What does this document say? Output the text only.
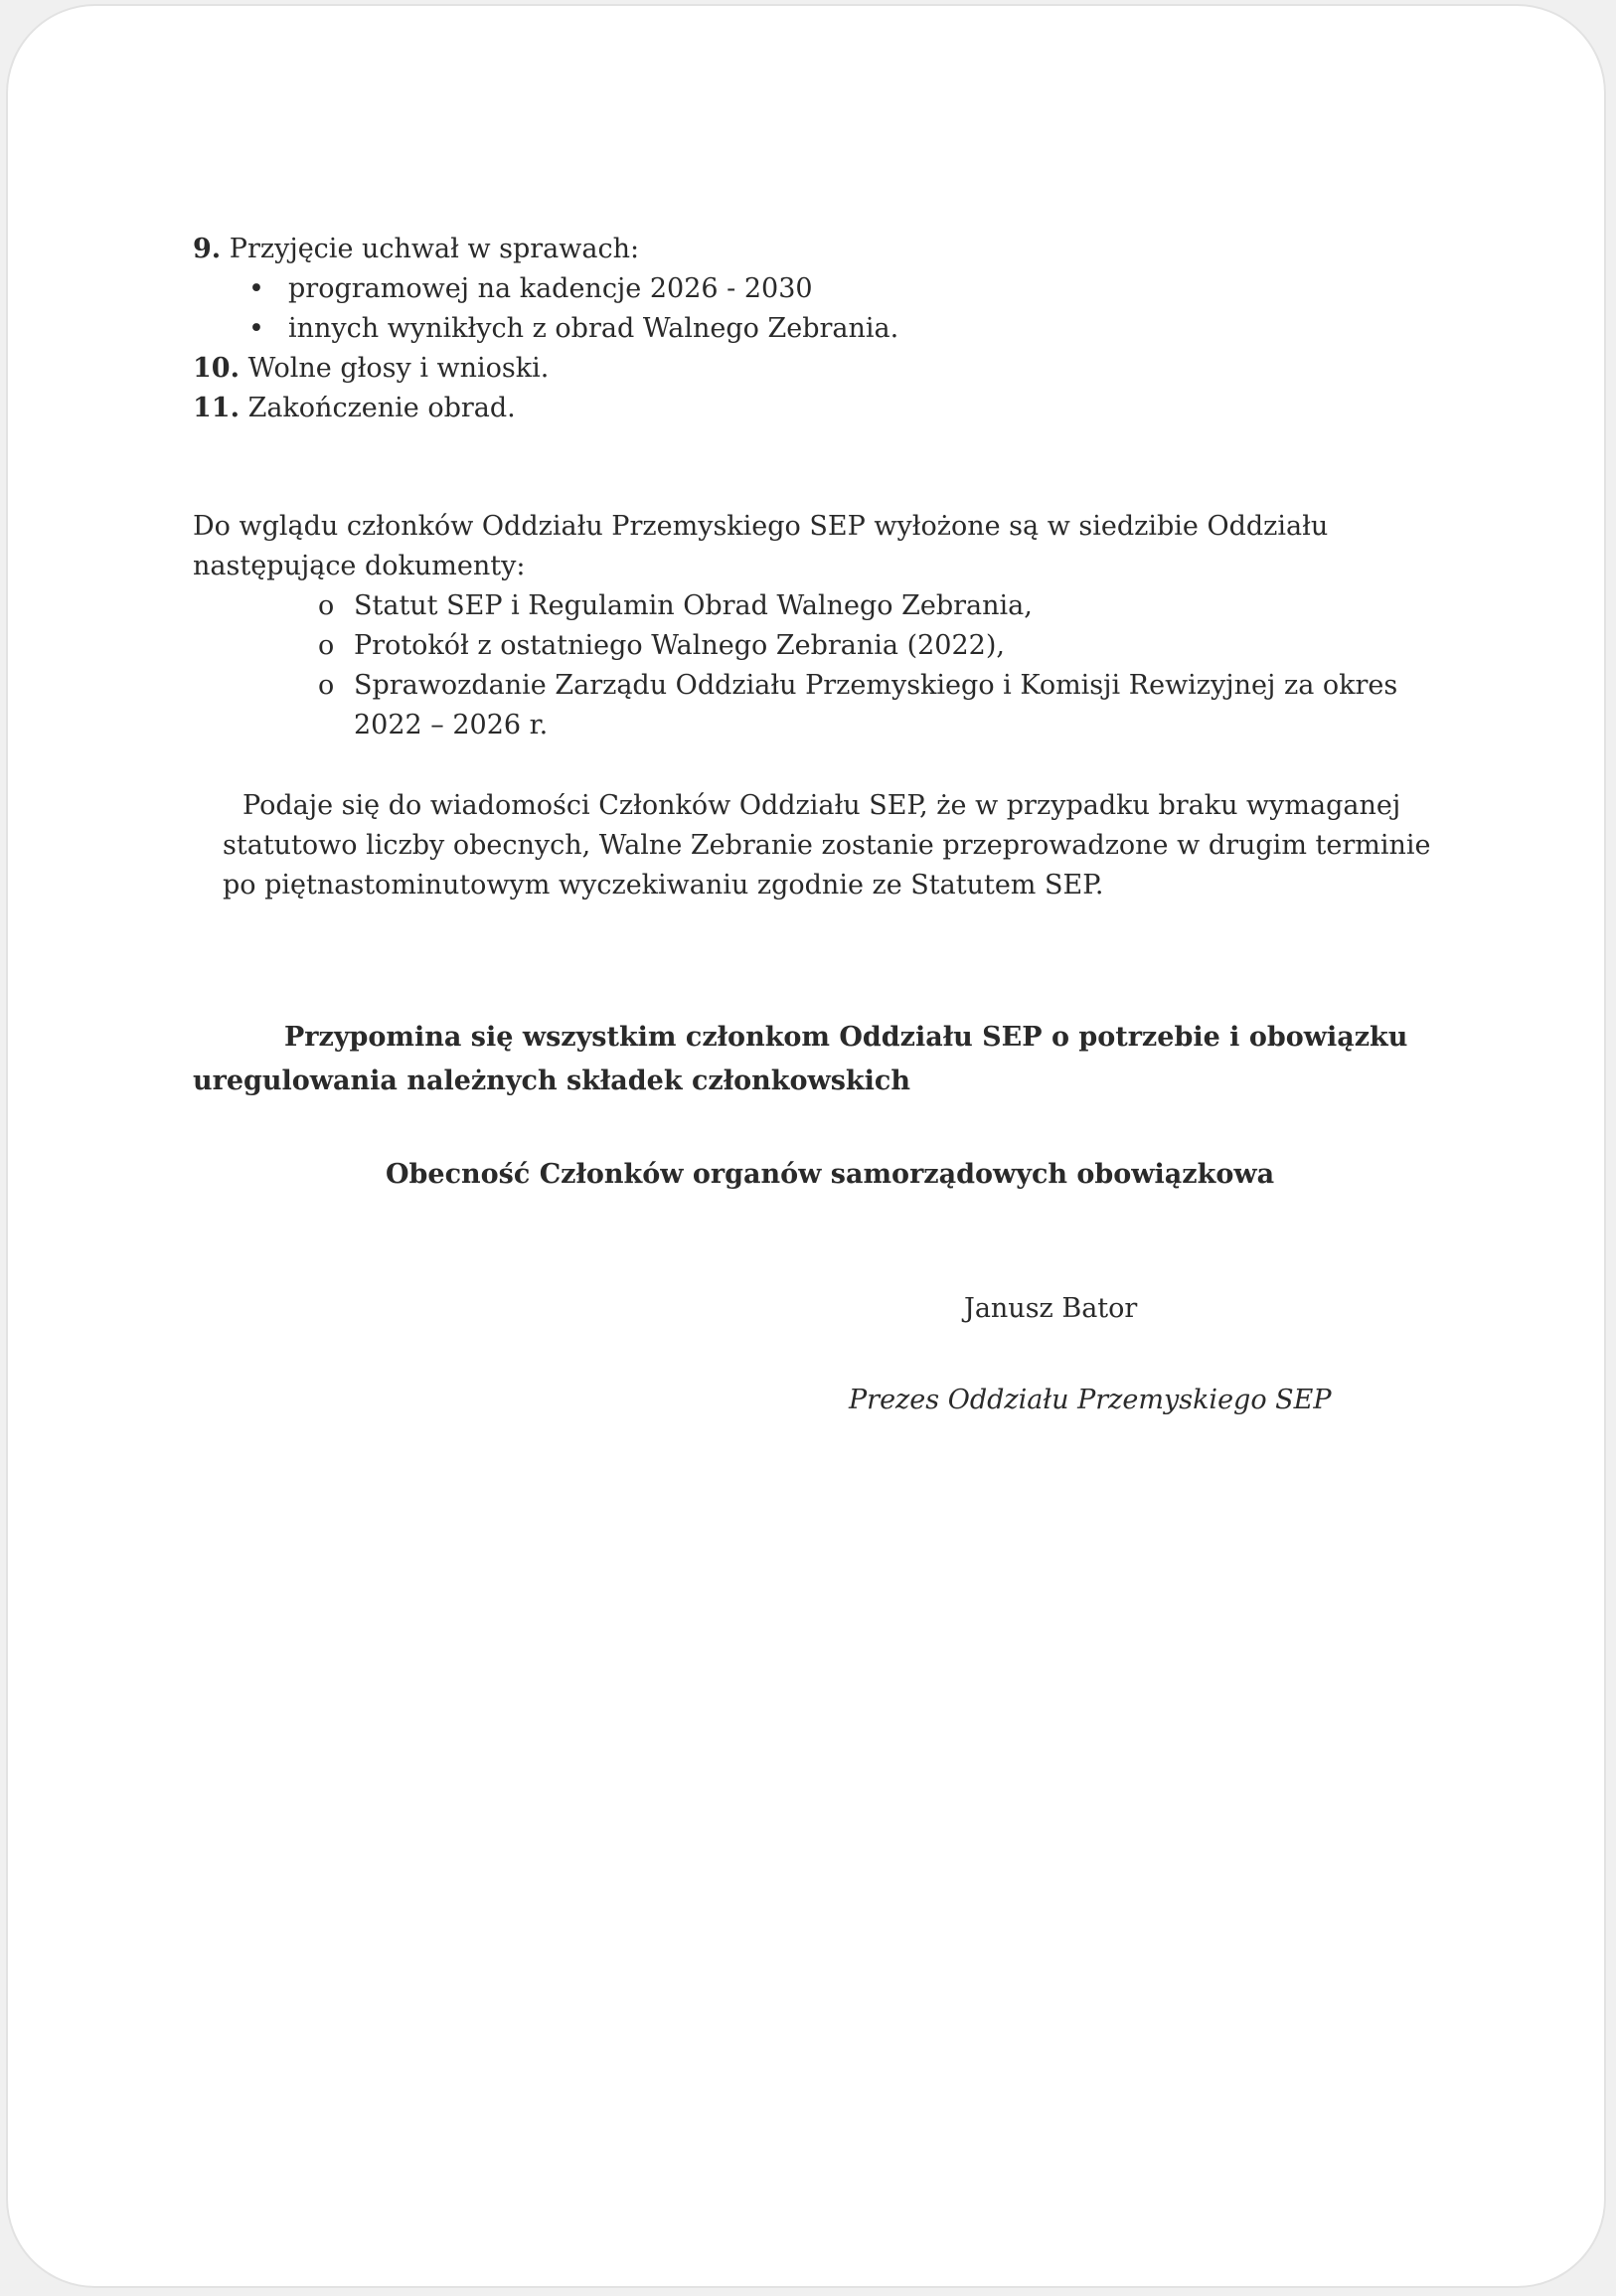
9. Przyjęcie uchwał w sprawach:
• programowej na kadencje 2026 - 2030
• innych wynikłych z obrad Walnego Zebrania.
10. Wolne głosy i wnioski.
11. Zakończenie obrad.
Do wglądu członków Oddziału Przemyskiego SEP wyłożone są w siedzibie Oddziału
następujące dokumenty:
o Statut SEP i Regulamin Obrad Walnego Zebrania,
o Protokół z ostatniego Walnego Zebrania (2022),
o Sprawozdanie Zarządu Oddziału Przemyskiego i Komisji Rewizyjnej za okres
2022 – 2026 r.
Podaje się do wiadomości Członków Oddziału SEP, że w przypadku braku wymaganej
statutowo liczby obecnych, Walne Zebranie zostanie przeprowadzone w drugim terminie
po piętnastominutowym wyczekiwaniu zgodnie ze Statutem SEP.
Przypomina się wszystkim członkom Oddziału SEP o potrzebie i obowiązku
uregulowania należnych składek członkowskich
Obecność Członków organów samorządowych obowiązkowa
Janusz Bator
Prezes Oddziału Przemyskiego SEP
